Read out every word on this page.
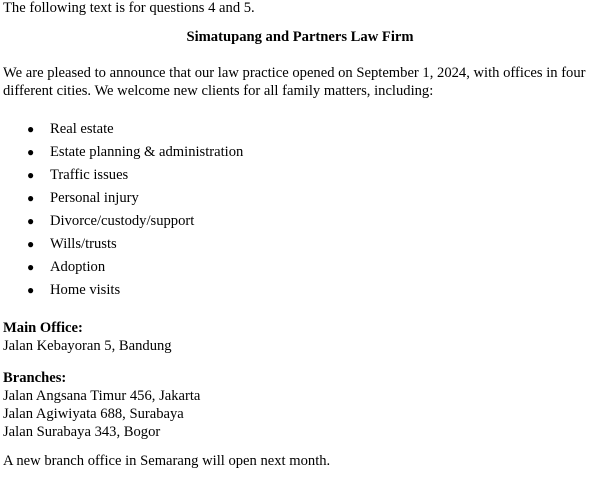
The following text is for questions 4 and 5.

Simatupang and Partners Law Firm

We are pleased to announce that our law practice opened on September 1, 2024, with offices in four different cities. We welcome new clients for all family matters, including:

● Real estate
● Estate planning & administration
● Traffic issues
● Personal injury
● Divorce/custody/support
● Wills/trusts
● Adoption
● Home visits

Main Office:

Jalan Kebayoran 5, Bandung

Branches:

Jalan Angsana Timur 456, Jakarta

Jalan Agiwiyata 688, Surabaya

Jalan Surabaya 343, Bogor

A new branch office in Semarang will open next month.
